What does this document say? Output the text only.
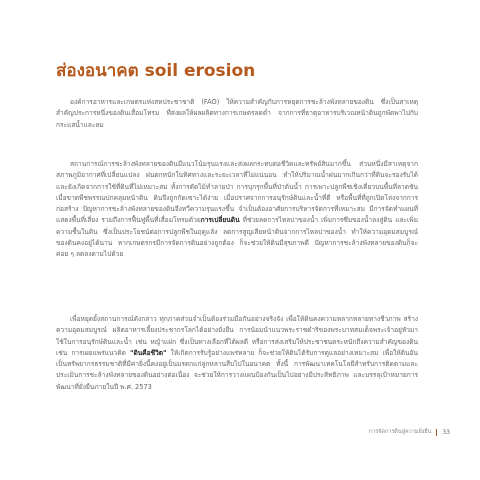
ส่องอนาคต soil erosion

องค์การอาหารและเกษตรแห่งสหประชาชาติ (FAO) ให้ความสำคัญกับการหยุดการชะล้างพังทลายของดิน ซึ่งเป็นสาเหตุสำคัญประการหนึ่งของดินเสื่อมโทรม ที่ส่งผลให้ผลผลิตทางการเกษตรลดต่ำ จากการที่ธาตุอาหารบริเวณหน้าดินถูกพัดพาไปกับกระแสน้ำและลม

สถานการณ์การชะล้างพังทลายของดินมีแนวโน้มรุนแรงและส่งผลกระทบต่อชีวิตและทรัพย์สินมากขึ้น ส่วนหนึ่งมีสาเหตุจากสภาพภูมิอากาศที่เปลี่ยนแปลง ฝนตกหนักในทิศทางและระยะเวลาที่ไม่แน่นอน ทำให้ปริมาณน้ำฝนมากเกินกว่าที่ดินจะรองรับได้ และยังเกิดจากการใช้ที่ดินที่ไม่เหมาะสม ทั้งการตัดไม้ทำลายป่า การบุกรุกพื้นที่ป่าต้นน้ำ การเพาะปลูกพืชเชิงเดี่ยวบนพื้นที่ลาดชัน เมื่อขาดพืชพรรณปกคลุมหน้าดิน ดินจึงถูกกัดเซาะได้ง่าย เมื่อปราศจากการอนุรักษ์ดินและน้ำที่ดี หรือพื้นที่ที่ถูกเปิดโล่งจากการก่อสร้าง ปัญหาการชะล้างพังทลายของดินจึงทวีความรุนแรงขึ้น จำเป็นต้องอาศัยการบริหารจัดการที่เหมาะสม มีการจัดทำแผนที่แสดงพื้นที่เสี่ยง รวมถึงการฟื้นฟูพื้นที่เสื่อมโทรมด้วยการเปลี่ยนดิน ที่ช่วยลดการไหลบ่าของน้ำ เพิ่มการซึมของน้ำลงสู่ดิน และเพิ่มความชื้นในดิน ซึ่งเป็นประโยชน์ต่อการปลูกพืชในฤดูแล้ง ลดการสูญเสียหน้าดินจากการไหลบ่าของน้ำ ทำให้ความอุดมสมบูรณ์ของดินคงอยู่ได้นาน หากเกษตรกรมีการจัดการดินอย่างถูกต้อง ก็จะช่วยให้ดินมีสุขภาพดี ปัญหาการชะล้างพังทลายของดินก็จะค่อย ๆ ลดลงตามไปด้วย

เพื่อหยุดยั้งสถานการณ์ดังกล่าว ทุกภาคส่วนจำเป็นต้องร่วมมือกันอย่างจริงจัง เพื่อให้ดินคงความหลากหลายทางชีวภาพ สร้างความอุดมสมบูรณ์ ผลิตอาหารเลี้ยงประชากรโลกได้อย่างยั่งยืน การน้อมนำแนวพระราชดำริของพระบาทสมเด็จพระเจ้าอยู่หัวมาใช้ในการอนุรักษ์ดินและน้ำ เช่น หญ้าแฝก ซึ่งเป็นทางเลือกที่ได้ผลดี หรือการส่งเสริมให้ประชาชนตระหนักถึงความสำคัญของดิน เช่น การเผยแพร่แนวคิด "ดินคือชีวิต" ให้เกิดการรับรู้อย่างแพร่หลาย ก็จะช่วยให้ดินได้รับการดูแลอย่างเหมาะสม เพื่อให้ดินอันเป็นทรัพยากรธรรมชาติที่มีค่ายิ่งนี้คงอยู่เป็นมรดกแก่ลูกหลานสืบไปในอนาคต ทั้งนี้ การพัฒนาเทคโนโลยีสำหรับการติดตามและประเมินการชะล้างพังทลายของดินอย่างต่อเนื่อง จะช่วยให้การวางแผนป้องกันเป็นไปอย่างมีประสิทธิภาพ และบรรลุเป้าหมายการพัฒนาที่ยั่งยืนภายในปี พ.ศ. 2573

การจัดการดินสู่ความยั่งยืน 33
